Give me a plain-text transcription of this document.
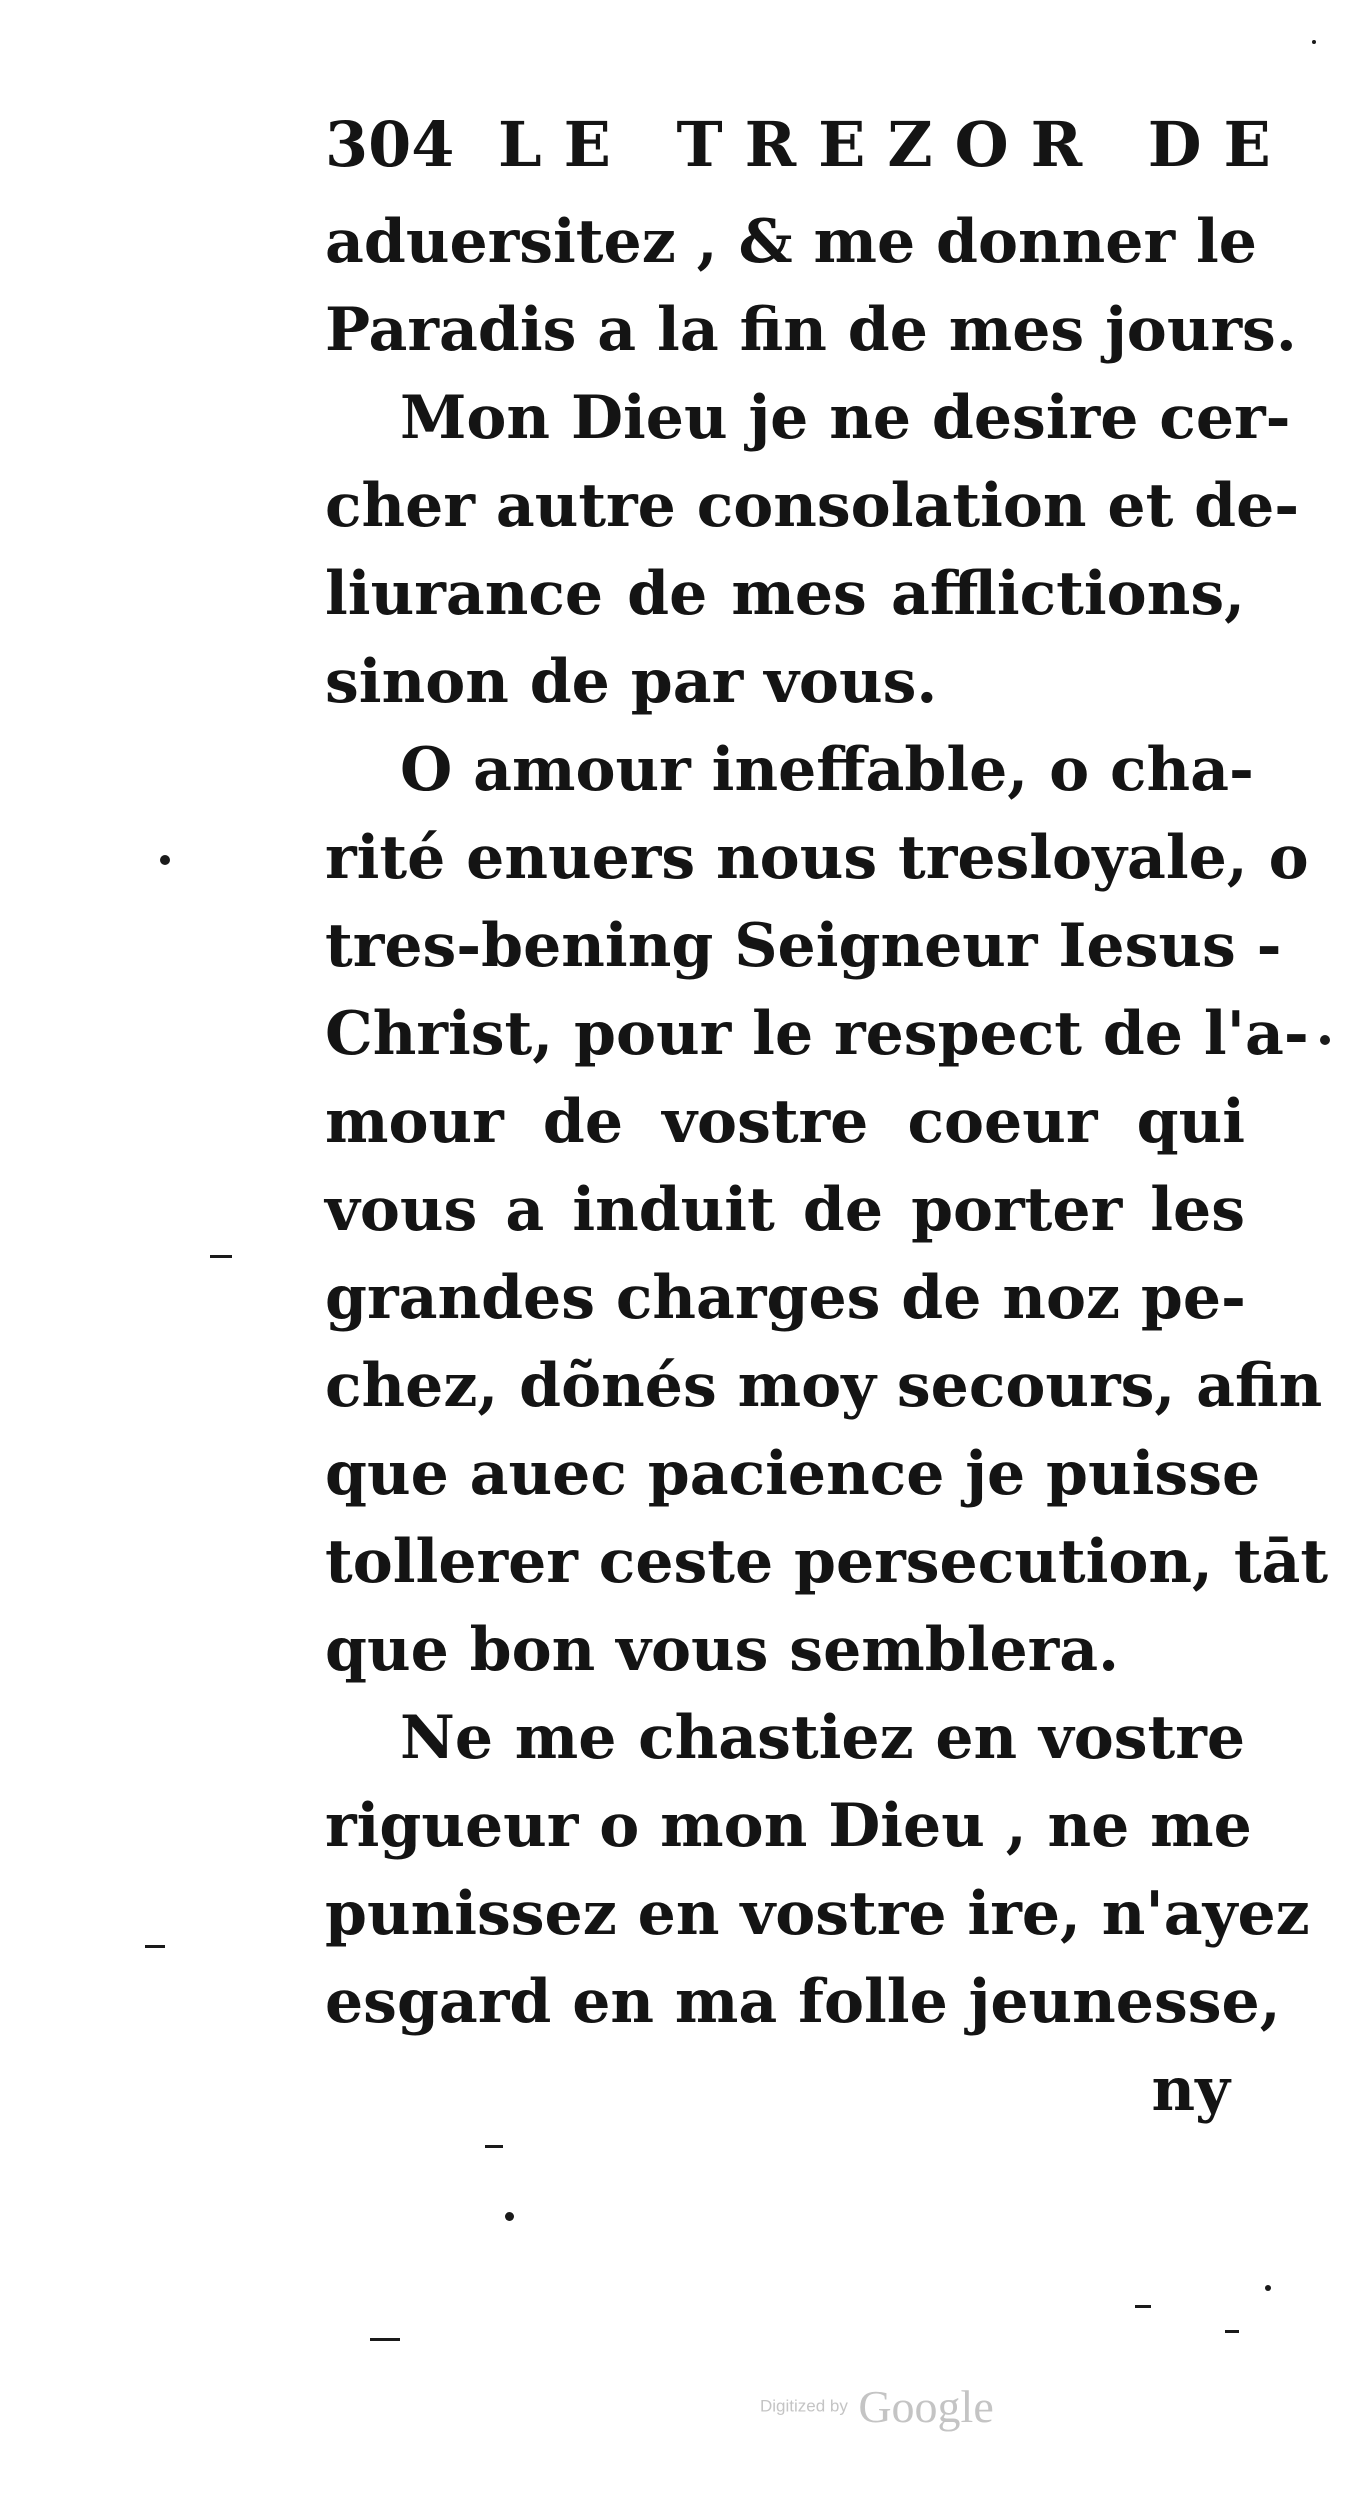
304 LE TREZOR DE
aduersitez , & me donner le
Paradis a la fin de mes jours.
Mon Dieu je ne desire cer-
cher autre consolation et de-
liurance de mes afflictions,
sinon de par vous.
O amour ineffable, o cha-
rité enuers nous tresloyale, o
tres-bening Seigneur Iesus -
Christ, pour le respect de l'a-
mour de vostre coeur qui
vous a induit de porter les
grandes charges de noz pe-
chez, dõnés moy secours, afin
que auec pacience je puisse
tollerer ceste persecution, tāt
que bon vous semblera.
Ne me chastiez en vostre
rigueur o mon Dieu , ne me
punissez en vostre ire, n'ayez
esgard en ma folle jeunesse,
ny
Digitized by Google
